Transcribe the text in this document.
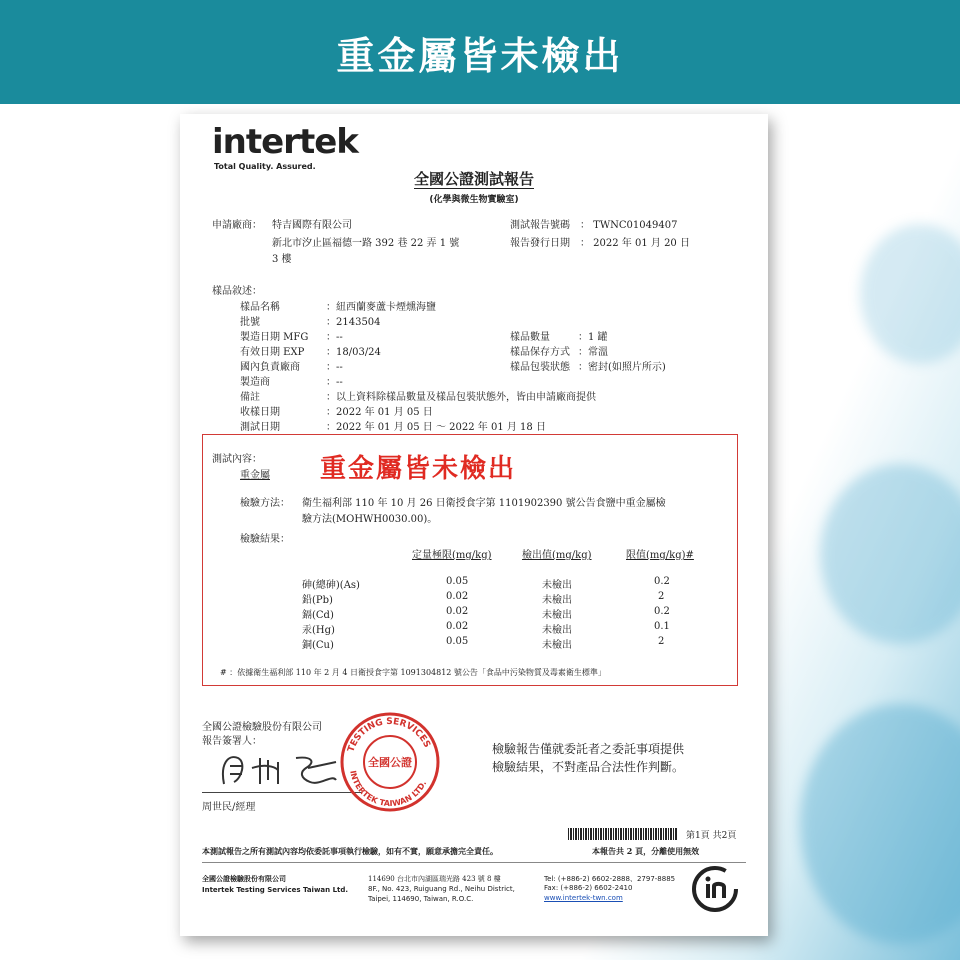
重金屬皆未檢出
intertek
Total Quality. Assured.
全國公證測試報告
(化學與微生物實驗室)
申請廠商： 特吉國際有限公司
新北市汐止區福德一路 392 巷 22 弄 1 號
3 樓
測試報告號碼 ： TWNC01049407
報告發行日期 ： 2022 年 01 月 20 日
樣品敘述：
樣品名稱	：紐西蘭麥蘆卡煙燻海鹽
批號	：2143504
製造日期 MFG ：--
有效日期 EXP ：18/03/24
國內負責廠商	：--
製造商	：--
備註	：以上資料除樣品數量及樣品包裝狀態外，皆由申請廠商提供
收樣日期	：2022 年 01 月 05 日
測試日期	：2022 年 01 月 05 日 ～ 2022 年 01 月 18 日
樣品數量	：1 罐
樣品保存方式 ：常溫
樣品包裝狀態 ：密封(如照片所示)
測試內容：
重金屬 重金屬皆未檢出
檢驗方法： 衛生福利部 110 年 10 月 26 日衛授食字第 1101902390 號公告食鹽中重金屬檢
驗方法(MOHWH0030.00)。
檢驗結果：
定量極限(mg/kg)	檢出值(mg/kg)	限值(mg/kg)#
砷(總砷)(As)	0.05	未檢出	0.2
鉛(Pb)	0.02	未檢出	2
鎘(Cd)	0.02	未檢出	0.2
汞(Hg)	0.02	未檢出	0.1
銅(Cu)	0.05	未檢出	2
# ：依據衛生福利部 110 年 2 月 4 日衛授食字第 1091304812 號公告「食品中污染物質及毒素衛生標準」
全國公證檢驗股份有限公司
報告簽署人：
周世民/經理
TESTING SERVICES
INTERTEK TAIWAN LTD.
全國公證
檢驗報告僅就委託者之委託事項提供
檢驗結果，不對產品合法性作判斷。
第1頁 共2頁
本測試報告之所有測試內容均依委託事項執行檢驗，如有不實，願意承擔完全責任。	本報告共 2 頁，分離使用無效
全國公證檢驗股份有限公司
Intertek Testing Services Taiwan Ltd.
114690 台北市內湖區瑞光路 423 號 8 樓
8F., No. 423, Ruiguang Rd., Neihu District,
Taipei, 114690, Taiwan, R.O.C.
Tel: (+886-2) 6602-2888、2797-8885
Fax: (+886-2) 6602-2410
www.intertek-twn.com
